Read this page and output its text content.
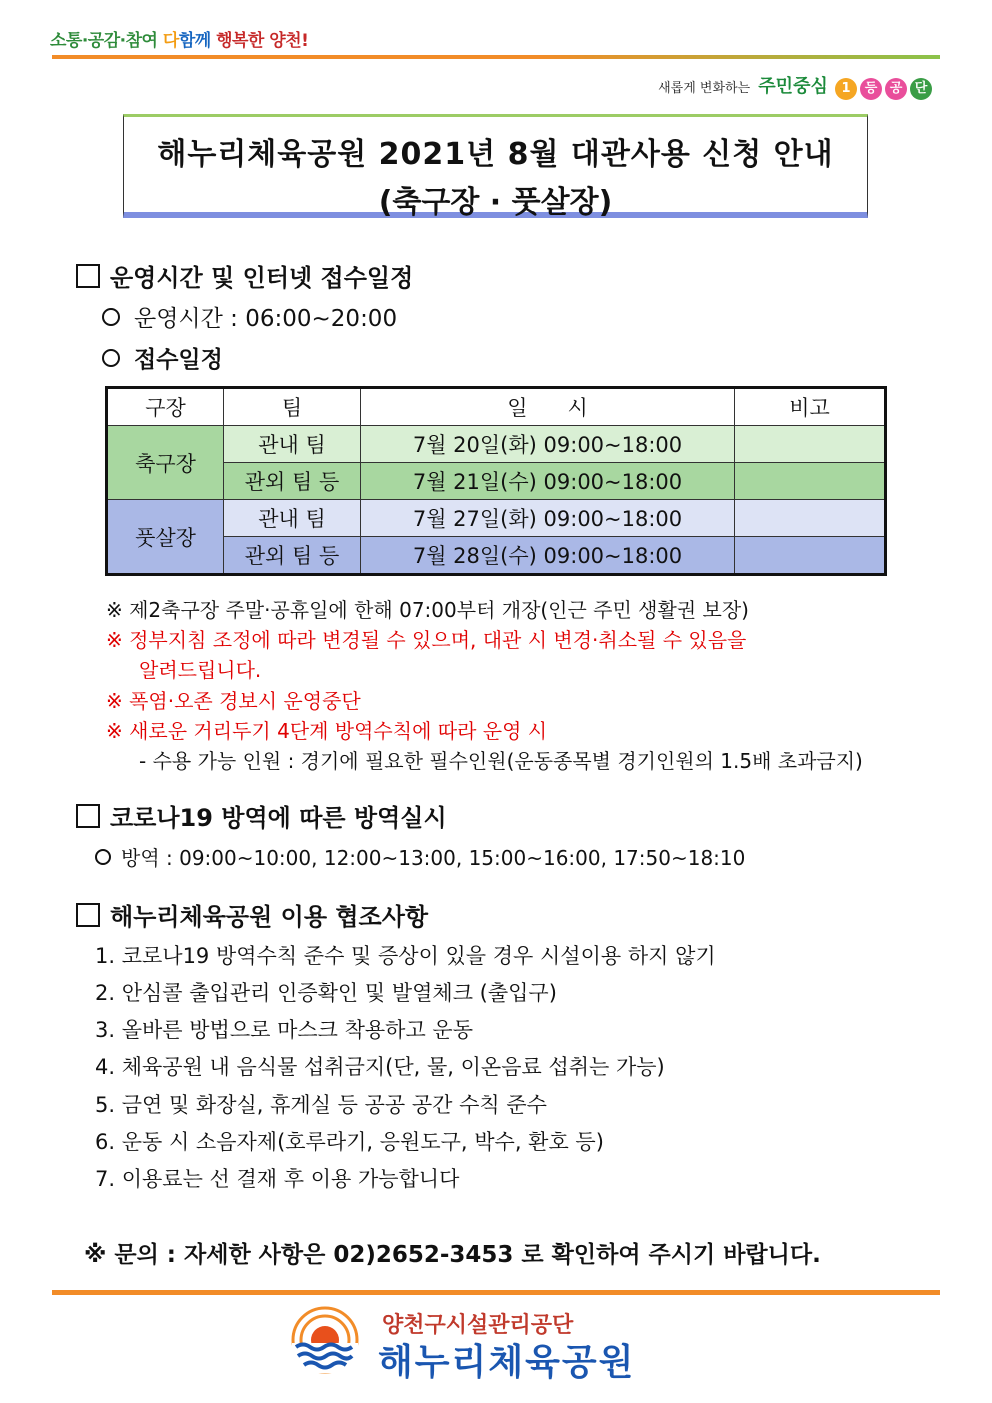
소통·공감·참여 다함께 행복한 양천!
새롭게 변화하는 주민중심 1 등 공 단
해누리체육공원 2021년 8월 대관사용 신청 안내
(축구장 · 풋살장)
운영시간 및 인터넷 접수일정
운영시간 : 06:00~20:00
접수일정
구장	팀	일      시	비고
축구장	관내 팀	7월 20일(화) 09:00~18:00	
	관외 팀 등	7월 21일(수) 09:00~18:00	
풋살장	관내 팀	7월 27일(화) 09:00~18:00	
	관외 팀 등	7월 28일(수) 09:00~18:00	
※ 제2축구장 주말·공휴일에 한해 07:00부터 개장(인근 주민 생활권 보장)
※ 정부지침 조정에 따라 변경될 수 있으며, 대관 시 변경·취소될 수 있음을
알려드립니다.
※ 폭염·오존 경보시 운영중단
※ 새로운 거리두기 4단계 방역수칙에 따라 운영 시
- 수용 가능 인원 : 경기에 필요한 필수인원(운동종목별 경기인원의 1.5배 초과금지)
코로나19 방역에 따른 방역실시
방역 : 09:00~10:00, 12:00~13:00, 15:00~16:00, 17:50~18:10
해누리체육공원 이용 협조사항
1. 코로나19 방역수칙 준수 및 증상이 있을 경우 시설이용 하지 않기
2. 안심콜 출입관리 인증확인 및 발열체크 (출입구)
3. 올바른 방법으로 마스크 착용하고 운동
4. 체육공원 내 음식물 섭취금지(단, 물, 이온음료 섭취는 가능)
5. 금연 및 화장실, 휴게실 등 공공 공간 수칙 준수
6. 운동 시 소음자제(호루라기, 응원도구, 박수, 환호 등)
7. 이용료는 선 결재 후 이용 가능합니다
※ 문의 : 자세한 사항은 02)2652-3453 로 확인하여 주시기 바랍니다.
양천구시설관리공단
해누리체육공원
